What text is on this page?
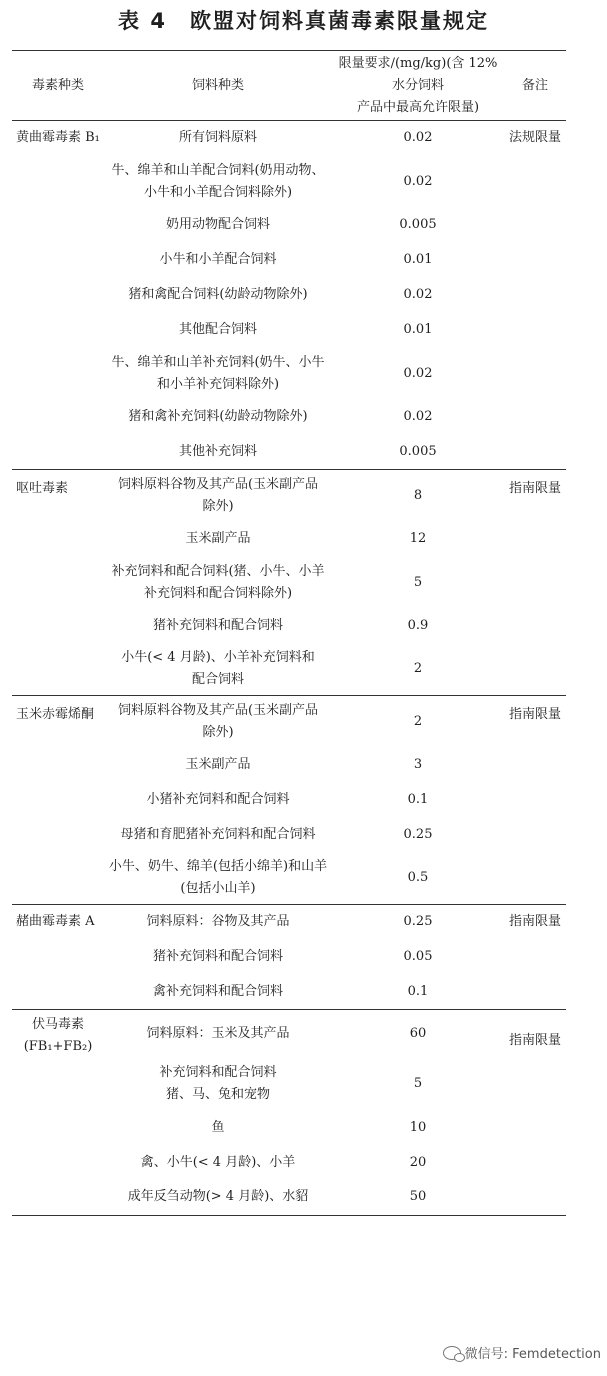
表 4　欧盟对饲料真菌毒素限量规定
毒素种类	饲料种类	限量要求/(mg/kg)(含 12%水分饲料
产品中最高允许限量)	备注

黄曲霉毒素 B₁	所有饲料原料	0.02	法规限量

	牛、绵羊和山羊配合饲料(奶用动物、
小牛和小羊配合饲料除外)	0.02	

	奶用动物配合饲料	0.005	

	小牛和小羊配合饲料	0.01	

	猪和禽配合饲料(幼龄动物除外)	0.02	

	其他配合饲料	0.01	

	牛、绵羊和山羊补充饲料(奶牛、小牛
和小羊补充饲料除外)	0.02	

	猪和禽补充饲料(幼龄动物除外)	0.02	

	其他补充饲料	0.005	

呕吐毒素	饲料原料谷物及其产品(玉米副产品
除外)	8	指南限量

	玉米副产品	12	

	补充饲料和配合饲料(猪、小牛、小羊
补充饲料和配合饲料除外)	5	

	猪补充饲料和配合饲料	0.9	

	小牛(< 4 月龄)、小羊补充饲料和
配合饲料	2	

玉米赤霉烯酮	饲料原料谷物及其产品(玉米副产品
除外)	2	指南限量

	玉米副产品	3	

	小猪补充饲料和配合饲料	0.1	

	母猪和育肥猪补充饲料和配合饲料	0.25	

	小牛、奶牛、绵羊(包括小绵羊)和山羊
(包括小山羊)	0.5	

赭曲霉毒素 A	饲料原料：谷物及其产品	0.25	指南限量

	猪补充饲料和配合饲料	0.05	

	禽补充饲料和配合饲料	0.1	

伏马毒素
(FB₁+FB₂)	饲料原料：玉米及其产品	60	指南限量

	补充饲料和配合饲料
猪、马、兔和宠物	5	

	鱼	10	

	禽、小牛(< 4 月龄)、小羊	20	

	成年反刍动物(> 4 月龄)、水貂	50	
微信号: Femdetection
